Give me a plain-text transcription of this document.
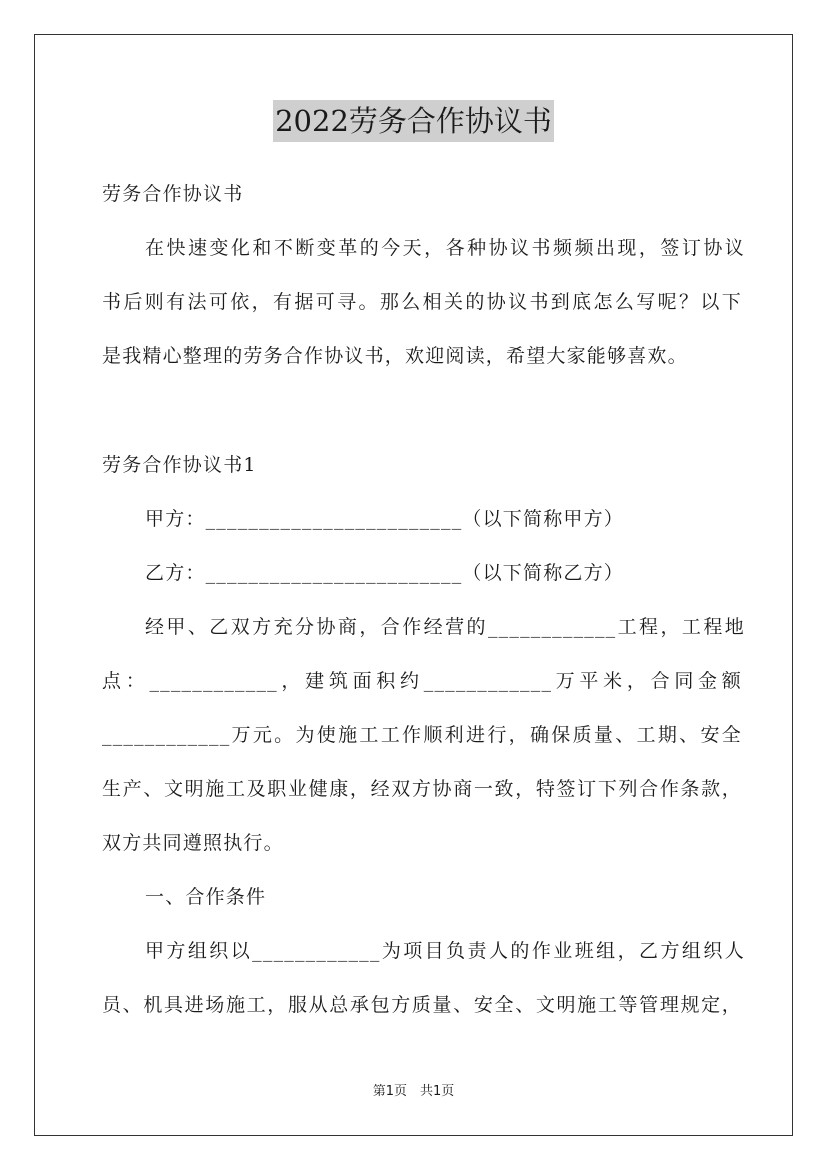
2022劳务合作协议书
劳务合作协议书
在快速变化和不断变革的今天，各种协议书频频出现，签订协议
书后则有法可依，有据可寻。那么相关的协议书到底怎么写呢？以下
是我精心整理的劳务合作协议书，欢迎阅读，希望大家能够喜欢。
劳务合作协议书1
甲方：________________________（以下简称甲方）
乙方：________________________（以下简称乙方）
经甲、乙双方充分协商，合作经营的____________工程，工程地
点：____________，建筑面积约____________万平米，合同金额
____________万元。为使施工工作顺利进行，确保质量、工期、安全
生产、文明施工及职业健康，经双方协商一致，特签订下列合作条款，
双方共同遵照执行。
一、合作条件
甲方组织以____________为项目负责人的作业班组，乙方组织人
员、机具进场施工，服从总承包方质量、安全、文明施工等管理规定，
第1页　共1页
